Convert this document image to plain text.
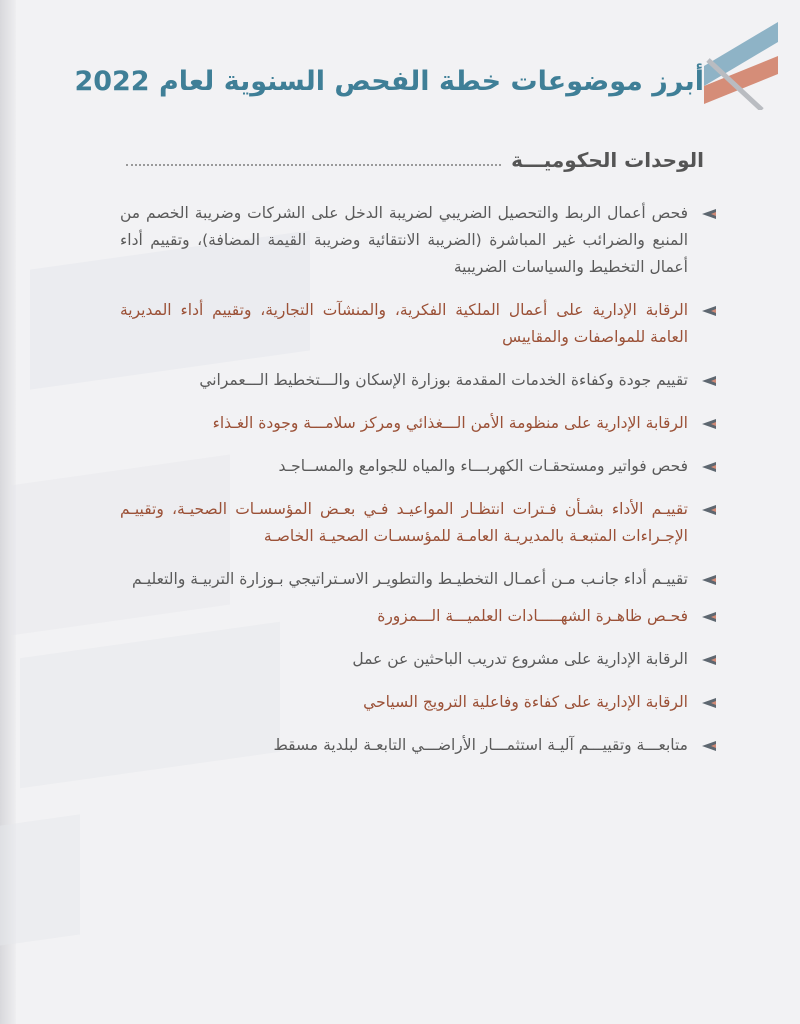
أبرز موضوعات خطة الفحص السنوية لعام 2022
الوحدات الحكوميـــة
فحص أعمال الربط والتحصيل الضريبي لضريبة الدخل على الشركات وضريبة الخصم من المنبع والضرائب غير المباشرة (الضريبة الانتقائية وضريبة القيمة المضافة)، وتقييم أداء أعمال التخطيط والسياسات الضريبية
الرقابة الإدارية على أعمال الملكية الفكرية، والمنشآت التجارية، وتقييم أداء المديرية العامة للمواصفات والمقاييس
تقييم جودة وكفاءة الخدمات المقدمة بوزارة الإسكان والـــتخطيط الـــعمراني
الرقابة الإدارية على منظومة الأمن الـــغذائي ومركز سلامـــة وجودة الغـذاء
فحص فواتير ومستحقـات الكهربـــاء والمياه للجوامع والمســاجـد
تقييـم الأداء بشـأن فـترات انتظـار المواعيـد فـي بعـض المؤسسـات الصحيـة، وتقييـم الإجـراءات المتبعـة بالمديريـة العامـة للمؤسسـات الصحيـة الخاصـة
تقييـم أداء جانـب مـن أعمـال التخطيـط والتطويـر الاسـتراتيجي بـوزارة التربيـة والتعليـم
فحـص ظاهـرة الشهـــــادات العلميـــة الـــمزورة
الرقابة الإدارية على مشروع تدريب الباحثين عن عمل
الرقابة الإدارية على كفاءة وفاعلية الترويج السياحي
متابعـــة وتقييـــم آليـة استثمـــار الأراضـــي التابعـة لبلدية مسقط
